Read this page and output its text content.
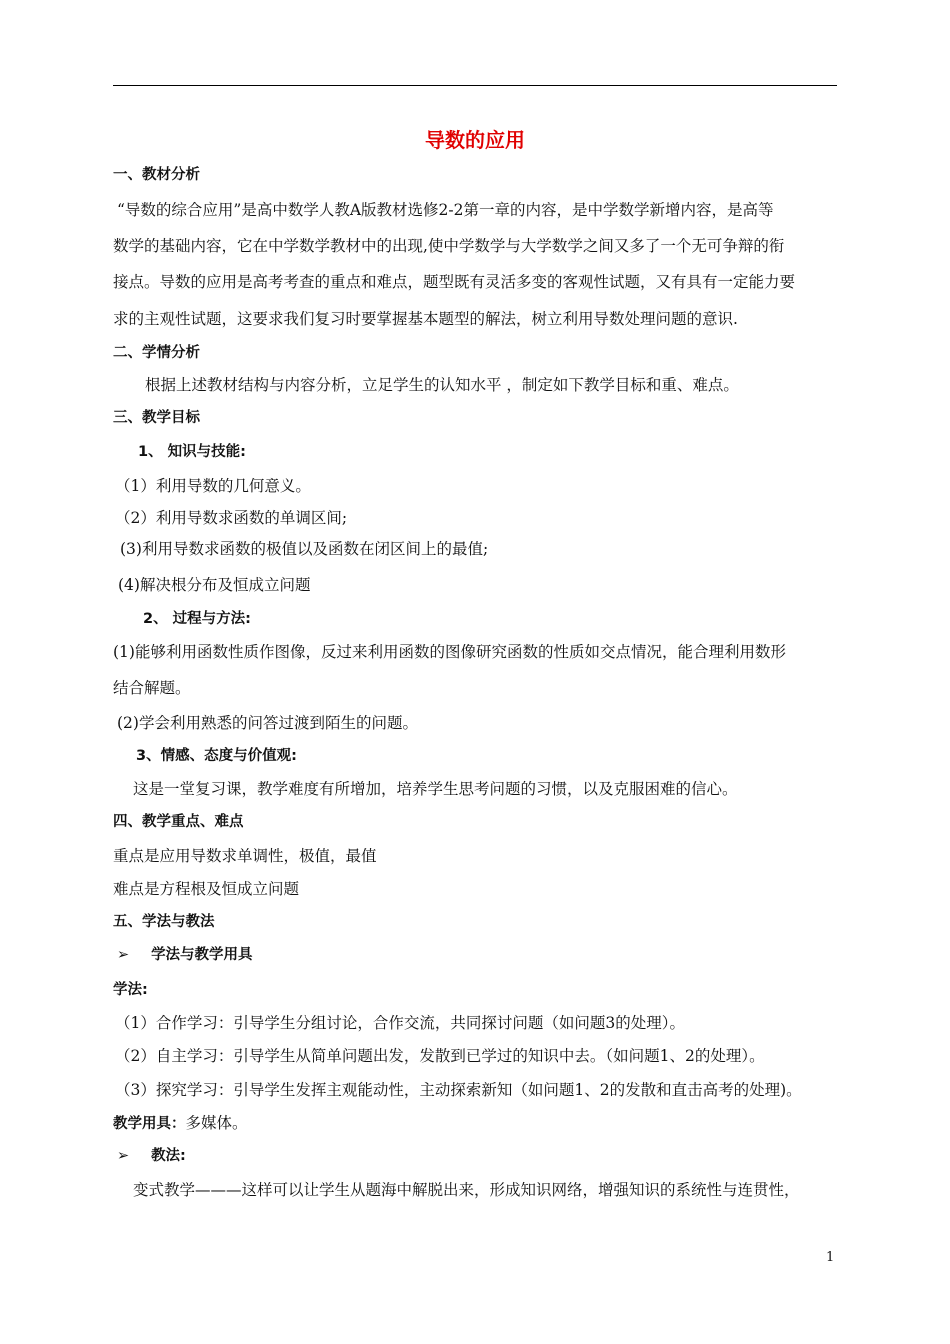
导数的应用
一、教材分析
“导数的综合应用”是高中数学人教A版教材选修2-2第一章的内容，是中学数学新增内容，是高等
数学的基础内容，它在中学数学教材中的出现,使中学数学与大学数学之间又多了一个无可争辩的衔
接点。导数的应用是高考考查的重点和难点，题型既有灵活多变的客观性试题，又有具有一定能力要
求的主观性试题，这要求我们复习时要掌握基本题型的解法，树立利用导数处理问题的意识.
二、学情分析
根据上述教材结构与内容分析，立足学生的认知水平 ，制定如下教学目标和重、难点。
三、教学目标
1、 知识与技能:
（1）利用导数的几何意义。
（2）利用导数求函数的单调区间;
(3)利用导数求函数的极值以及函数在闭区间上的最值;
(4)解决根分布及恒成立问题
2、 过程与方法:
(1)能够利用函数性质作图像，反过来利用函数的图像研究函数的性质如交点情况，能合理利用数形
结合解题。
(2)学会利用熟悉的问答过渡到陌生的问题。
3、情感、态度与价值观:
这是一堂复习课，教学难度有所增加，培养学生思考问题的习惯，以及克服困难的信心。
四、教学重点、难点
重点是应用导数求单调性，极值，最值
难点是方程根及恒成立问题
五、学法与教法
➢ 学法与教学用具
学法:
（1）合作学习：引导学生分组讨论，合作交流，共同探讨问题（如问题3的处理）。
（2）自主学习：引导学生从简单问题出发，发散到已学过的知识中去。（如问题1、2的处理）。
（3）探究学习：引导学生发挥主观能动性，主动探索新知（如问题1、2的发散和直击高考的处理)。
教学用具：多媒体。
➢ 教法:
变式教学———这样可以让学生从题海中解脱出来，形成知识网络，增强知识的系统性与连贯性，
1
